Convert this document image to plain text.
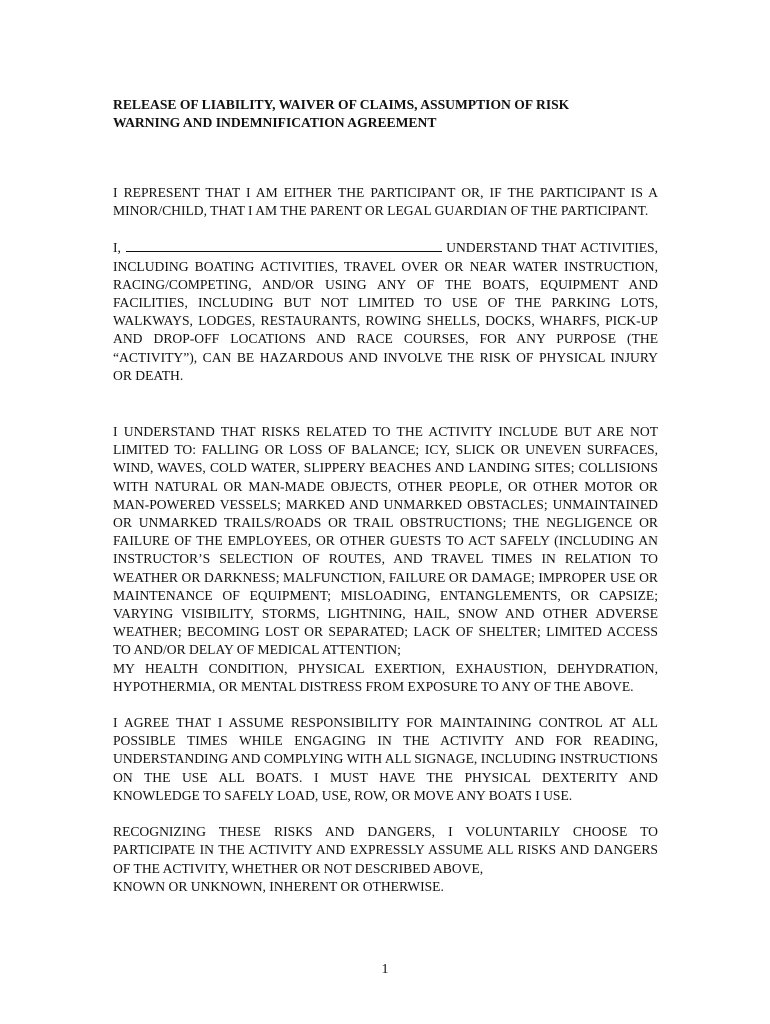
RELEASE OF LIABILITY, WAIVER OF CLAIMS, ASSUMPTION OF RISK
WARNING AND INDEMNIFICATION AGREEMENT

I REPRESENT THAT I AM EITHER THE PARTICIPANT OR, IF THE PARTICIPANT IS A MINOR/CHILD, THAT I AM THE PARENT OR LEGAL GUARDIAN OF THE PARTICIPANT.

I,	UNDERSTAND THAT ACTIVITIES, INCLUDING BOATING ACTIVITIES, TRAVEL OVER OR NEAR WATER INSTRUCTION, RACING/COMPETING, AND/OR USING ANY OF THE BOATS, EQUIPMENT AND FACILITIES, INCLUDING BUT NOT LIMITED TO USE OF THE PARKING LOTS, WALKWAYS, LODGES, RESTAURANTS, ROWING SHELLS, DOCKS, WHARFS, PICK-UP AND DROP-OFF LOCATIONS AND RACE COURSES, FOR ANY PURPOSE (THE “ACTIVITY”), CAN BE HAZARDOUS AND INVOLVE THE RISK OF PHYSICAL INJURY OR DEATH.

I UNDERSTAND THAT RISKS RELATED TO THE ACTIVITY INCLUDE BUT ARE NOT LIMITED TO: FALLING OR LOSS OF BALANCE; ICY, SLICK OR UNEVEN SURFACES, WIND, WAVES, COLD WATER, SLIPPERY BEACHES AND LANDING SITES; COLLISIONS WITH NATURAL OR MAN-MADE OBJECTS, OTHER PEOPLE, OR OTHER MOTOR OR MAN-POWERED VESSELS; MARKED AND UNMARKED OBSTACLES; UNMAINTAINED OR UNMARKED TRAILS/ROADS OR TRAIL OBSTRUCTIONS; THE NEGLIGENCE OR FAILURE OF THE EMPLOYEES, OR OTHER GUESTS TO ACT SAFELY (INCLUDING AN INSTRUCTOR’S SELECTION OF ROUTES, AND TRAVEL TIMES IN RELATION TO WEATHER OR DARKNESS; MALFUNCTION, FAILURE OR DAMAGE; IMPROPER USE OR MAINTENANCE OF EQUIPMENT; MISLOADING, ENTANGLEMENTS, OR CAPSIZE; VARYING VISIBILITY, STORMS, LIGHTNING, HAIL, SNOW AND OTHER ADVERSE WEATHER; BECOMING LOST OR SEPARATED; LACK OF SHELTER; LIMITED ACCESS TO AND/OR DELAY OF MEDICAL ATTENTION;
MY HEALTH CONDITION, PHYSICAL EXERTION, EXHAUSTION, DEHYDRATION, HYPOTHERMIA, OR MENTAL DISTRESS FROM EXPOSURE TO ANY OF THE ABOVE.

I AGREE THAT I ASSUME RESPONSIBILITY FOR MAINTAINING CONTROL AT ALL POSSIBLE TIMES WHILE ENGAGING IN THE ACTIVITY AND FOR READING, UNDERSTANDING AND COMPLYING WITH ALL SIGNAGE, INCLUDING INSTRUCTIONS ON THE USE ALL BOATS. I MUST HAVE THE PHYSICAL DEXTERITY AND KNOWLEDGE TO SAFELY LOAD, USE, ROW, OR MOVE ANY BOATS I USE.

RECOGNIZING THESE RISKS AND DANGERS, I VOLUNTARILY CHOOSE TO PARTICIPATE IN THE ACTIVITY AND EXPRESSLY ASSUME ALL RISKS AND DANGERS OF THE ACTIVITY, WHETHER OR NOT DESCRIBED ABOVE,
KNOWN OR UNKNOWN, INHERENT OR OTHERWISE.

1
